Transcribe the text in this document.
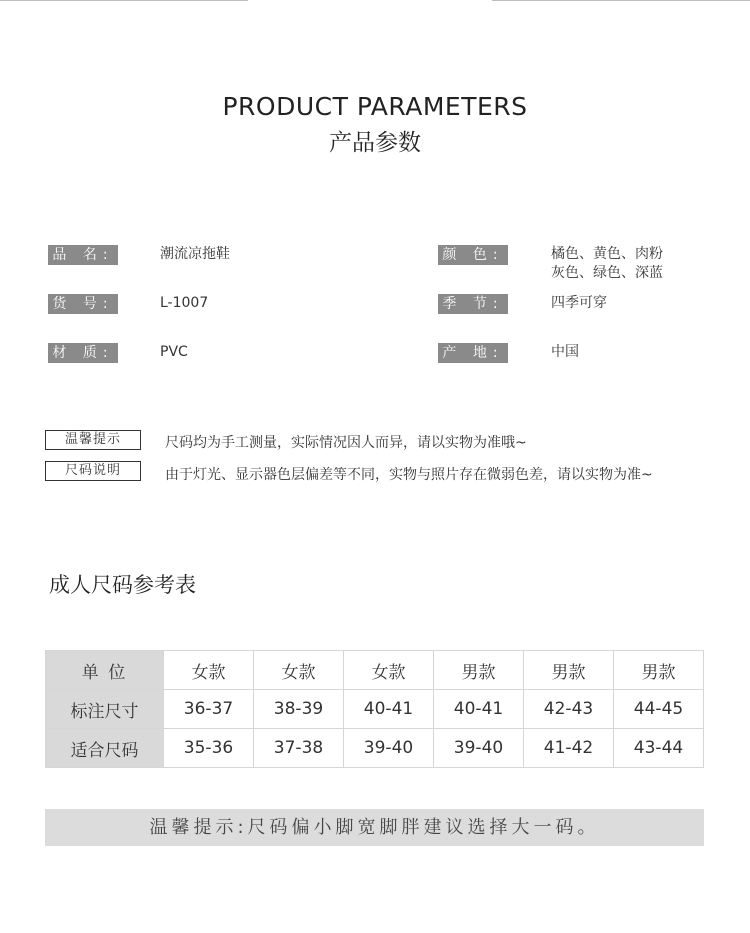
PRODUCT PARAMETERS
产品参数
品 名:	潮流凉拖鞋	颜 色:	橘色、黄色、肉粉
灰色、绿色、深蓝
货 号:	L-1007	季 节:	四季可穿
材 质:	PVC	产 地:	中国
温馨提示	尺码均为手工测量，实际情况因人而异，请以实物为准哦~
尺码说明	由于灯光、显示器色层偏差等不同，实物与照片存在微弱色差，请以实物为准~
成人尺码参考表
单 位	女款	女款	女款	男款	男款	男款
标注尺寸	36-37	38-39	40-41	40-41	42-43	44-45
适合尺码	35-36	37-38	39-40	39-40	41-42	43-44
温馨提示:尺码偏小脚宽脚胖建议选择大一码。
